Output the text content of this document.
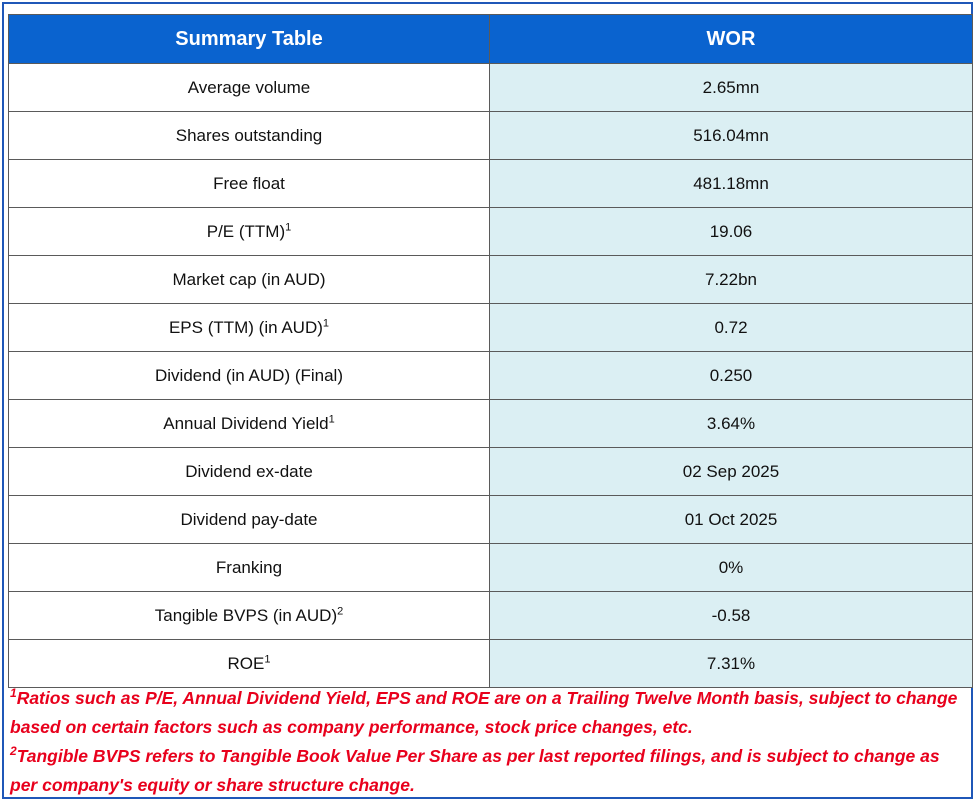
Summary Table	WOR
Average volume	2.65mn
Shares outstanding	516.04mn
Free float	481.18mn
P/E (TTM)$^1$	19.06
Market cap (in AUD)	7.22bn
EPS (TTM) (in AUD)$^1$	0.72
Dividend (in AUD) (Final)	0.250
Annual Dividend Yield$^1$	3.64%
Dividend ex-date	02 Sep 2025
Dividend pay-date	01 Oct 2025
Franking	0%
Tangible BVPS (in AUD)$^2$	-0.58
ROE$^1$	7.31%

$^1$Ratios such as P/E, Annual Dividend Yield, EPS and ROE are on a Trailing Twelve Month basis, subject to change based on certain factors such as company performance, stock price changes, etc.

$^2$Tangible BVPS refers to Tangible Book Value Per Share as per last reported filings, and is subject to change as per company's equity or share structure change.
